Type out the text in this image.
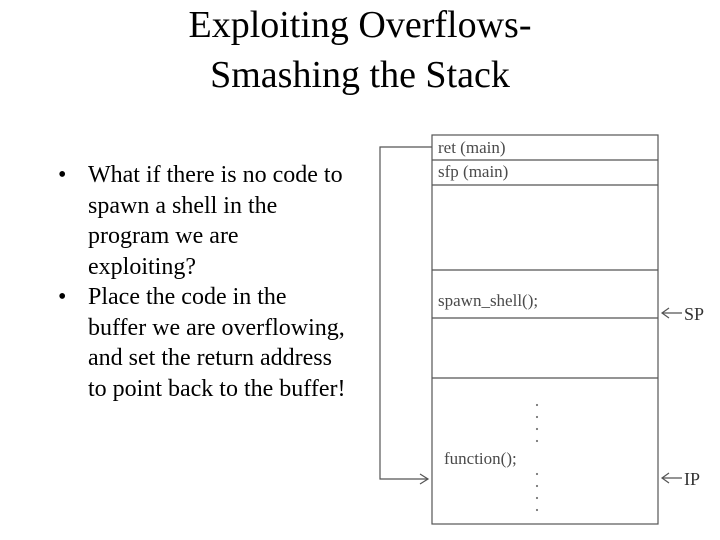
Exploiting Overflows-
Smashing the Stack
• What if there is no code to spawn a shell in the program we are exploiting?
• Place the code in the buffer we are overflowing, and set the return address to point back to the buffer!
ret (main)
sfp (main)
spawn_shell();
function();
SP
IP
